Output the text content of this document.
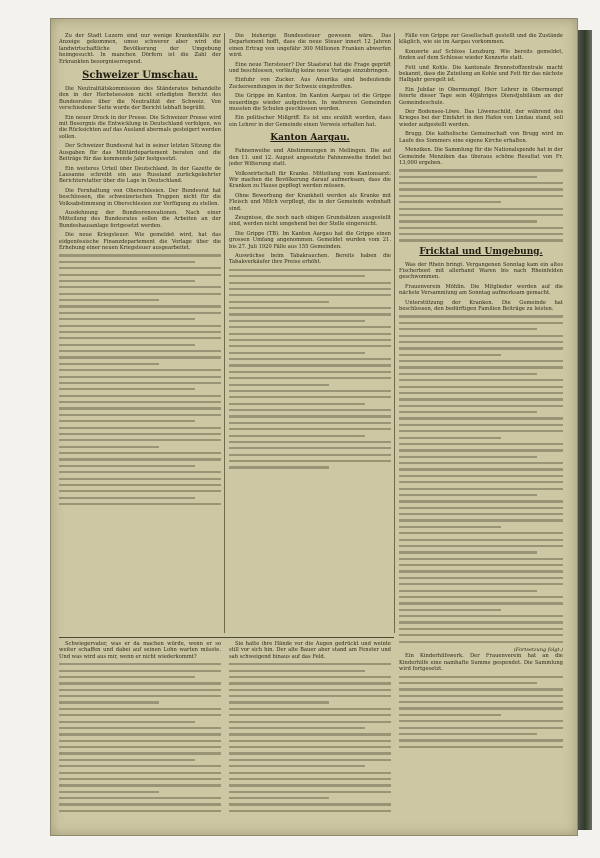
Zu der Stadt Luzern sind nur wenige Krankenfälle zur Anzeige gekommen, umso schwerer aber wird die landwirtschaftliche Bevölkerung der Umgebung heimgesucht. In manchen Dörfern ist die Zahl der Erkrankten besorgniserregend.

Schweizer Umschau.

Die Neutralitätskommission des Ständerates behandelte den in der Herbstsession nicht erledigten Bericht des Bundesrates über die Neutralität der Schweiz. Von verschiedener Seite wurde der Bericht lebhaft begrüßt.

Ein neuer Druck in der Presse. Die Schweizer Presse wird mit Besorgnis die Entwicklung in Deutschland verfolgen, wo die Rücksichten auf das Ausland abermals gesteigert werden sollen.

Der Schweizer Bundesrat hat in seiner letzten Sitzung die Ausgaben für das Militärdepartement beraten und die Beiträge für das kommende Jahr festgesetzt.

Ein weiteres Urteil über Deutschland. In der Gazette de Lausanne schreibt ein aus Russland zurückgekehrter Berichterstatter über die Lage in Deutschland.

Die Fernhaltung von Oberschlesien. Der Bundesrat hat beschlossen, die schweizerischen Truppen nicht für die Volksabstimmung in Oberschlesien zur Verfügung zu stellen.

Ausdehnung der Bundesrenovationen. Nach einer Mitteilung des Bundesrates sollen die Arbeiten an der Bundeshausanlage fortgesetzt werden.

Die neue Kriegsteuer. Wie gemeldet wird, hat das eidgenössische Finanzdepartement die Vorlage über die Erhebung einer neuen Kriegsteuer ausgearbeitet.

Die bisherige Bundessteuer gewesen wäre. Das Departement hofft, dass die neue Steuer innert 12 Jahren einen Ertrag von ungefähr 300 Millionen Franken abwerfen wird.

Eine neue Tiersteuer? Der Staatsrat hat die Frage geprüft und beschlossen, vorläufig keine neue Vorlage einzubringen.

Einfuhr von Zucker. Aus Amerika sind bedeutende Zuckersendungen in der Schweiz eingetroffen.

Die Grippe im Kanton. Im Kanton Aargau ist die Grippe neuerdings wieder aufgetreten. In mehreren Gemeinden mussten die Schulen geschlossen werden.

Ein politischer Mißgriff. Es ist uns erzählt worden, dass ein Lehrer in der Gemeinde einen Verweis erhalten hat.

Kanton Aargau.

Fahnenweihe und Abstimmungen in Mellingen. Die auf den 11. und 12. August angesetzte Fahnenweihe findet bei jeder Witterung statt.

Volkswirtschaft für Kranke. Mitteilung vom Kantonsarzt: Wir machen die Bevölkerung darauf aufmerksam, dass die Kranken zu Hause gepflegt werden müssen.

Ohne Bewerbung der Krankheit werden als Kranke mit Fleisch und Milch verpflegt, die in der Gemeinde wohnhaft sind.

Zeugnisse, die noch nach obigen Grundsätzen ausgestellt sind, werden nicht umgehend bei der Stelle eingereicht.

Die Grippe (TB). Im Kanton Aargau hat die Grippe einen grossen Umfang angenommen. Gemeldet wurden vom 21. bis 27. Juli 1920 Fälle aus 155 Gemeinden.

Auswüchse beim Tabakrauchen. Bereits haben die Tabakverkäufer ihre Preise erhöht.

Fälle von Grippe zur Gesellschaft gestellt und die Zustände kläglich, wie sie im Aargau vorkommen.

Konzerte auf Schloss Lenzburg. Wie bereits gemeldet, finden auf dem Schlosse wieder Konzerte statt.

Fett und Kohle. Die kantonale Brennstoffzentrale macht bekannt, dass die Zuteilung an Kohle und Fett für das nächste Halbjahr geregelt ist.

Ein Jubilar in Obermumpf. Herr Lehrer in Obermumpf feierte dieser Tage sein 40jähriges Dienstjubiläum an der Gemeindeschule.

Der Bodensee-Löwe. Das Löwenschild, der während des Krieges bei der Einfahrt in den Hafen von Lindau stand, soll wieder aufgestellt werden.

Brugg. Die katholische Gemeinschaft von Brugg wird im Laufe des Sommers eine eigene Kirche erhalten.

Menziken. Die Sammlung für die Nationalspende hat in der Gemeinde Menziken das überaus schöne Resultat von Fr. 13,000 ergeben.

Fricktal und Umgebung.

Was der Rhein bringt. Vergangenen Sonntag kam ein altes Fischerboot mit allerhand Waren bis nach Rheinfelden geschwommen.

Frauenverein Möhlin. Die Mitglieder werden auf die nächste Versammlung am Sonntag aufmerksam gemacht.

Unterstützung der Kranken. Die Gemeinde hat beschlossen, den bedürftigen Familien Beiträge zu leisten.

(Fortsetzung folgt.)

Ein Kinderhilfswerk. Der Frauenverein hat an die Kinderhilfe eine namhafte Summe gespendet. Die Sammlung wird fortgesetzt.

Schwiegervater, was er da machen würde, wenn er so weiter schaffen und dabei auf seinen Lohn warten müsste. Und was wird aus mir, wenn er nicht wiederkommt?

Sie hatte ihre Hände vor die Augen gedrückt und weinte still vor sich hin. Der alte Bauer aber stand am Fenster und sah schweigend hinaus auf das Feld.
